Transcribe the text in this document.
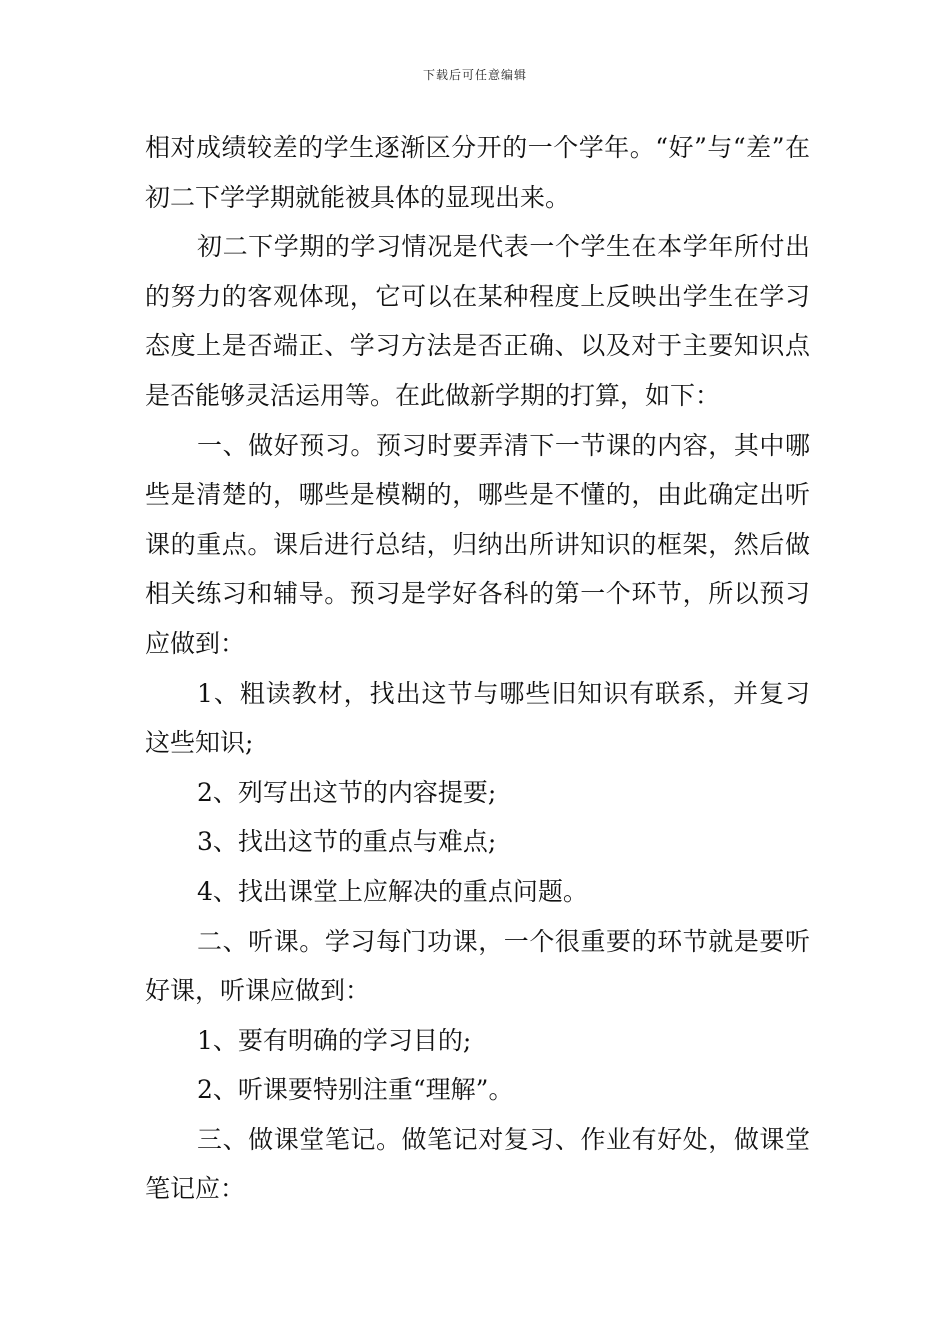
下载后可任意编辑

相对成绩较差的学生逐渐区分开的一个学年。“好”与“差”在初二下学学期就能被具体的显现出来。

初二下学期的学习情况是代表一个学生在本学年所付出的努力的客观体现，它可以在某种程度上反映出学生在学习态度上是否端正、学习方法是否正确、以及对于主要知识点是否能够灵活运用等。在此做新学期的打算，如下：

一、做好预习。预习时要弄清下一节课的内容，其中哪些是清楚的，哪些是模糊的，哪些是不懂的，由此确定出听课的重点。课后进行总结，归纳出所讲知识的框架，然后做相关练习和辅导。预习是学好各科的第一个环节，所以预习应做到：

1、粗读教材，找出这节与哪些旧知识有联系，并复习这些知识;

2、列写出这节的内容提要;

3、找出这节的重点与难点;

4、找出课堂上应解决的重点问题。

二、听课。学习每门功课，一个很重要的环节就是要听好课，听课应做到：

1、要有明确的学习目的;

2、听课要特别注重“理解”。

三、做课堂笔记。做笔记对复习、作业有好处，做课堂笔记应：
